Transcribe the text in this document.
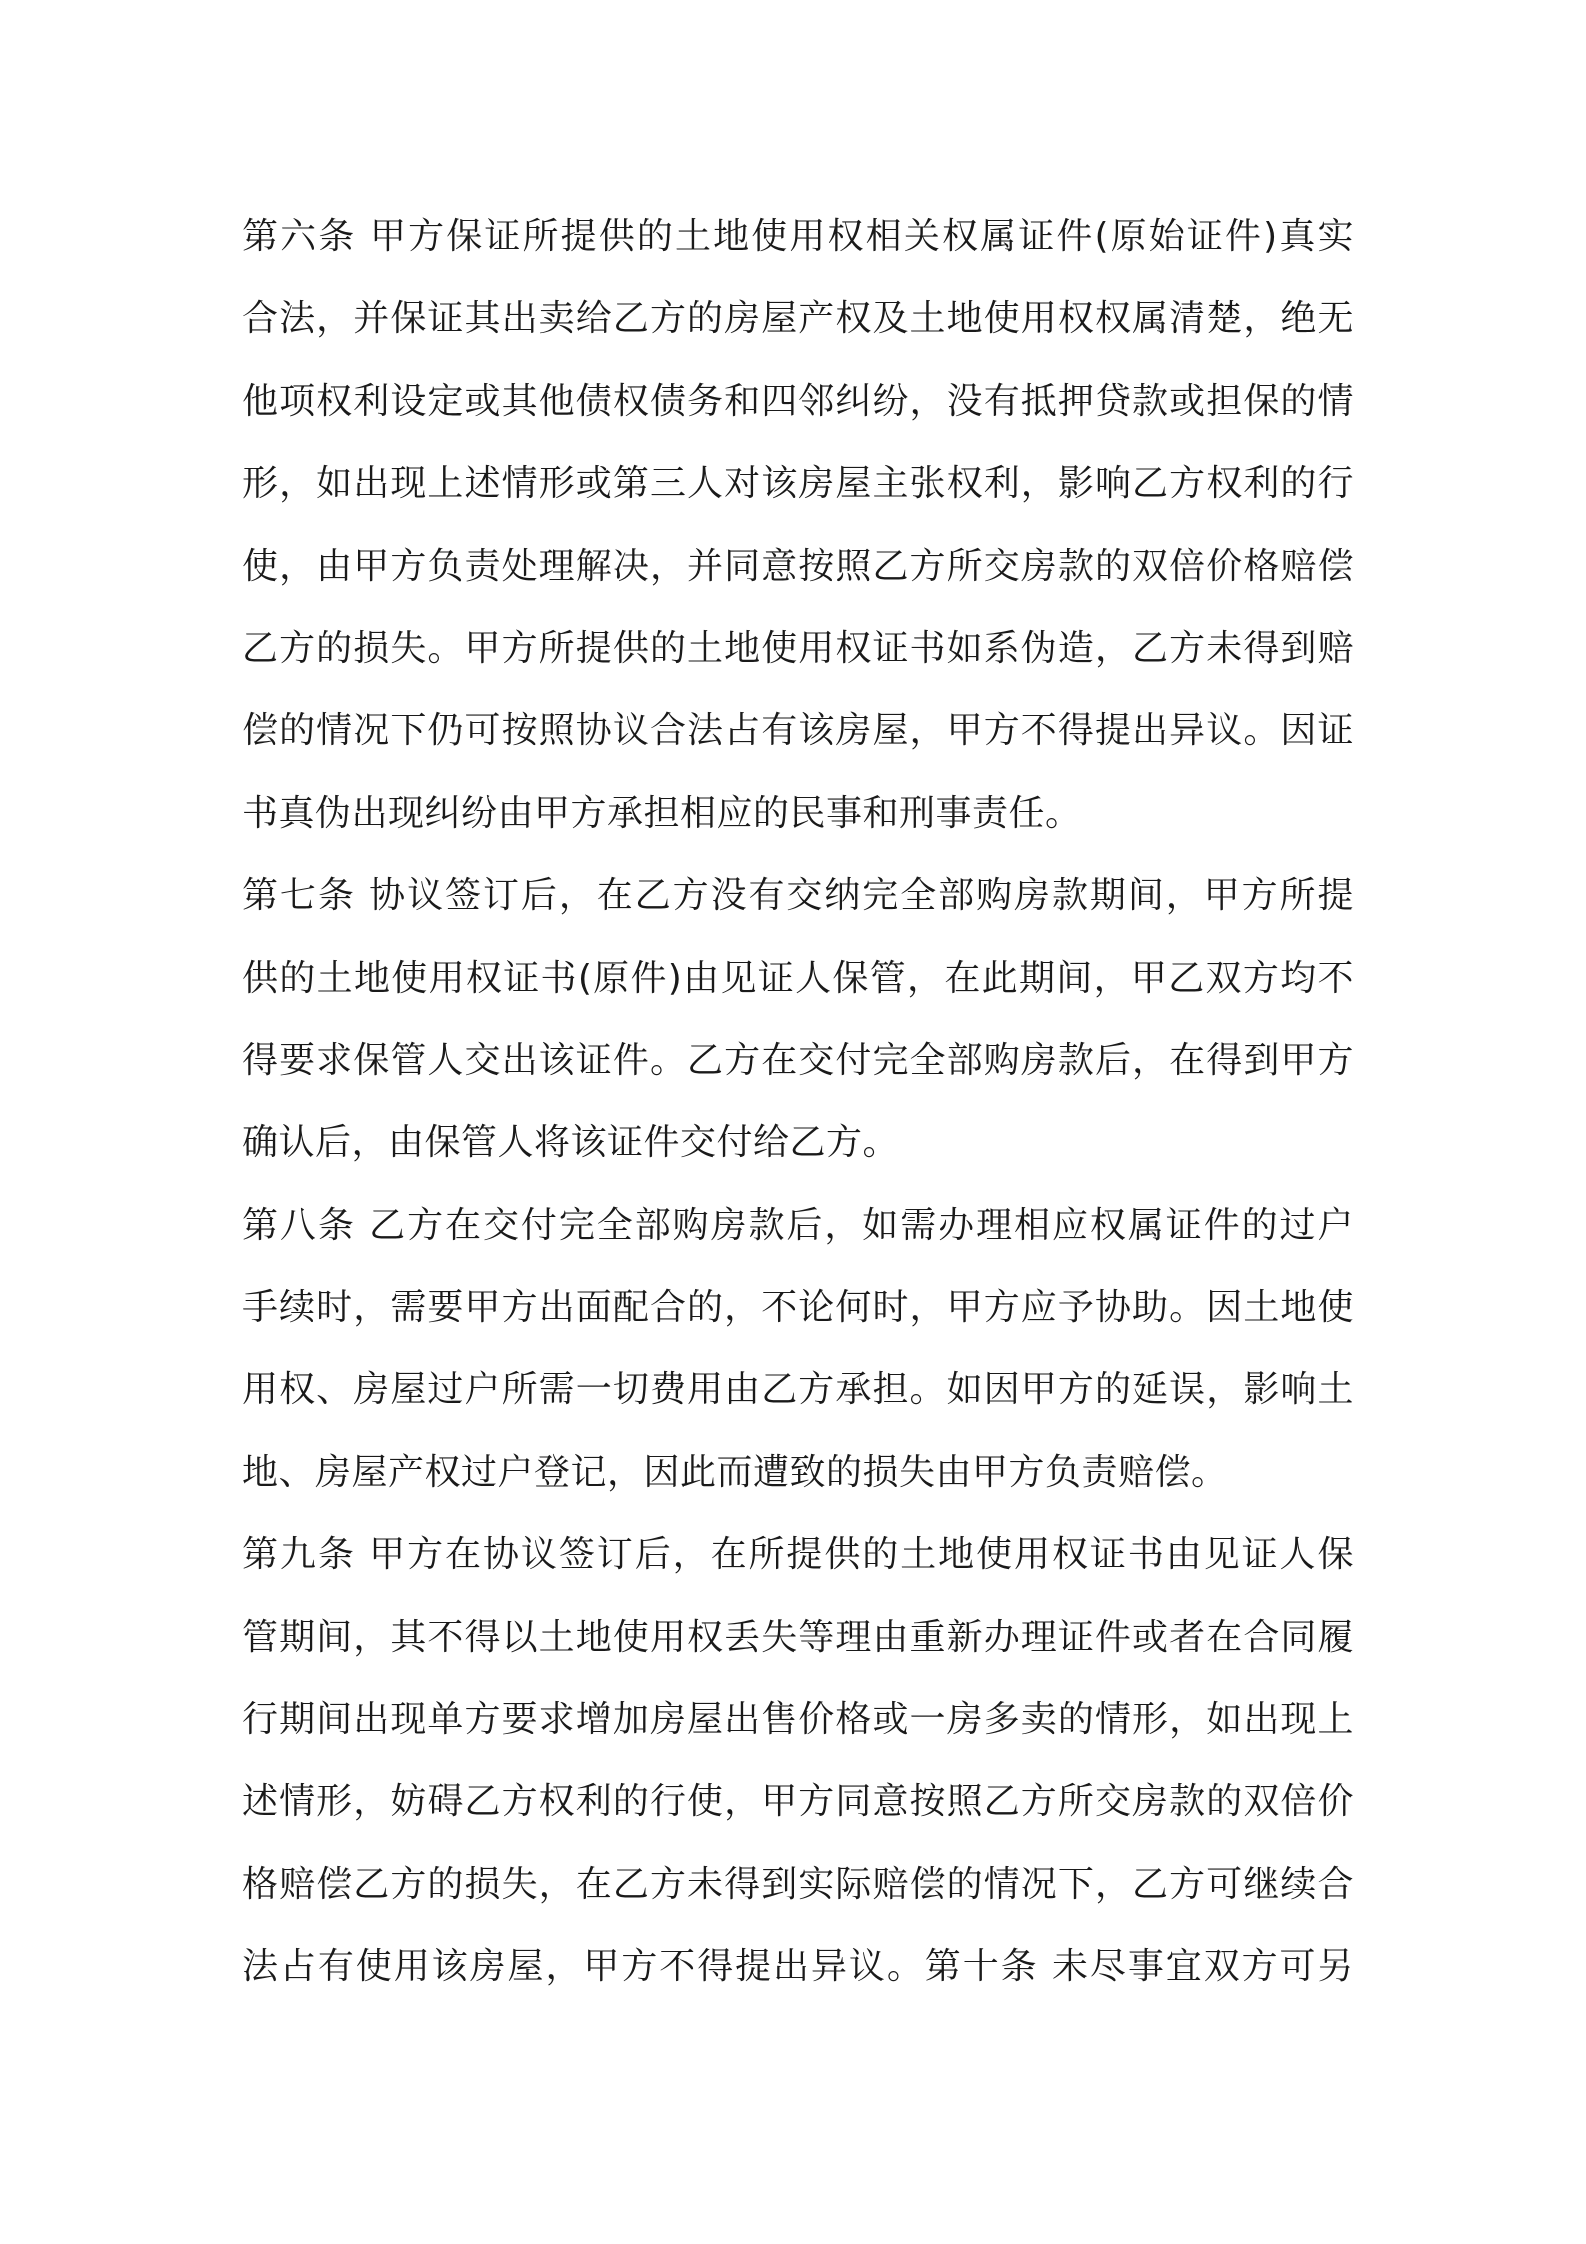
第六条 甲方保证所提供的土地使用权相关权属证件(原始证件)真实
合法，并保证其出卖给乙方的房屋产权及土地使用权权属清楚，绝无
他项权利设定或其他债权债务和四邻纠纷，没有抵押贷款或担保的情
形，如出现上述情形或第三人对该房屋主张权利，影响乙方权利的行
使，由甲方负责处理解决，并同意按照乙方所交房款的双倍价格赔偿
乙方的损失。甲方所提供的土地使用权证书如系伪造，乙方未得到赔
偿的情况下仍可按照协议合法占有该房屋，甲方不得提出异议。因证
书真伪出现纠纷由甲方承担相应的民事和刑事责任。
第七条 协议签订后，在乙方没有交纳完全部购房款期间，甲方所提
供的土地使用权证书(原件)由见证人保管，在此期间，甲乙双方均不
得要求保管人交出该证件。乙方在交付完全部购房款后，在得到甲方
确认后，由保管人将该证件交付给乙方。
第八条 乙方在交付完全部购房款后，如需办理相应权属证件的过户
手续时，需要甲方出面配合的，不论何时，甲方应予协助。因土地使
用权、房屋过户所需一切费用由乙方承担。如因甲方的延误，影响土
地、房屋产权过户登记，因此而遭致的损失由甲方负责赔偿。
第九条 甲方在协议签订后，在所提供的土地使用权证书由见证人保
管期间，其不得以土地使用权丢失等理由重新办理证件或者在合同履
行期间出现单方要求增加房屋出售价格或一房多卖的情形，如出现上
述情形，妨碍乙方权利的行使，甲方同意按照乙方所交房款的双倍价
格赔偿乙方的损失，在乙方未得到实际赔偿的情况下，乙方可继续合
法占有使用该房屋，甲方不得提出异议。第十条 未尽事宜双方可另
